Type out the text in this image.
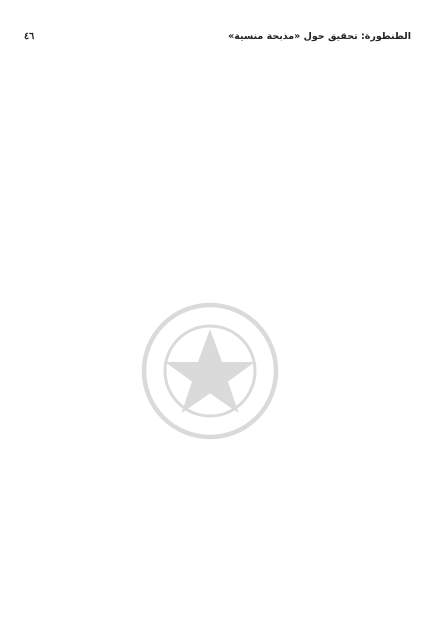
٤٦	الطنطورة: تحقيق حول «مذبحة منسية»
